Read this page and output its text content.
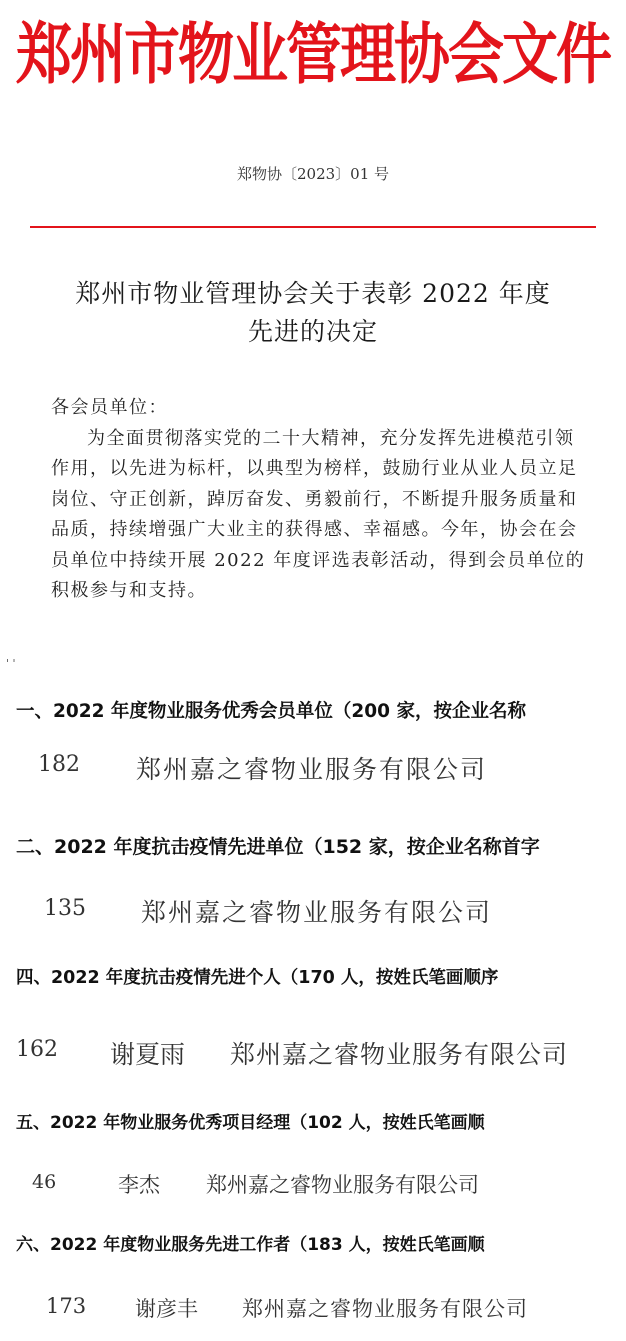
郑州市物业管理协会文件
郑物协〔2023〕01 号
郑州市物业管理协会关于表彰 2022 年度
先进的决定

各会员单位：

为全面贯彻落实党的二十大精神，充分发挥先进模范引领作用，以先进为标杆，以典型为榜样，鼓励行业从业人员立足岗位、守正创新，踔厉奋发、勇毅前行，不断提升服务质量和品质，持续增强广大业主的获得感、幸福感。今年，协会在会员单位中持续开展 2022 年度评选表彰活动，得到会员单位的积极参与和支持。

' '
一、2022 年度物业服务优秀会员单位（200 家，按企业名称
182 郑州嘉之睿物业服务有限公司
二、2022 年度抗击疫情先进单位（152 家，按企业名称首字
135 郑州嘉之睿物业服务有限公司
四、2022 年度抗击疫情先进个人（170 人，按姓氏笔画顺序
162 谢夏雨 郑州嘉之睿物业服务有限公司
五、2022 年物业服务优秀项目经理（102 人，按姓氏笔画顺
46	李杰 郑州嘉之睿物业服务有限公司
六、2022 年度物业服务先进工作者（183 人，按姓氏笔画顺
173 谢彦丰 郑州嘉之睿物业服务有限公司
